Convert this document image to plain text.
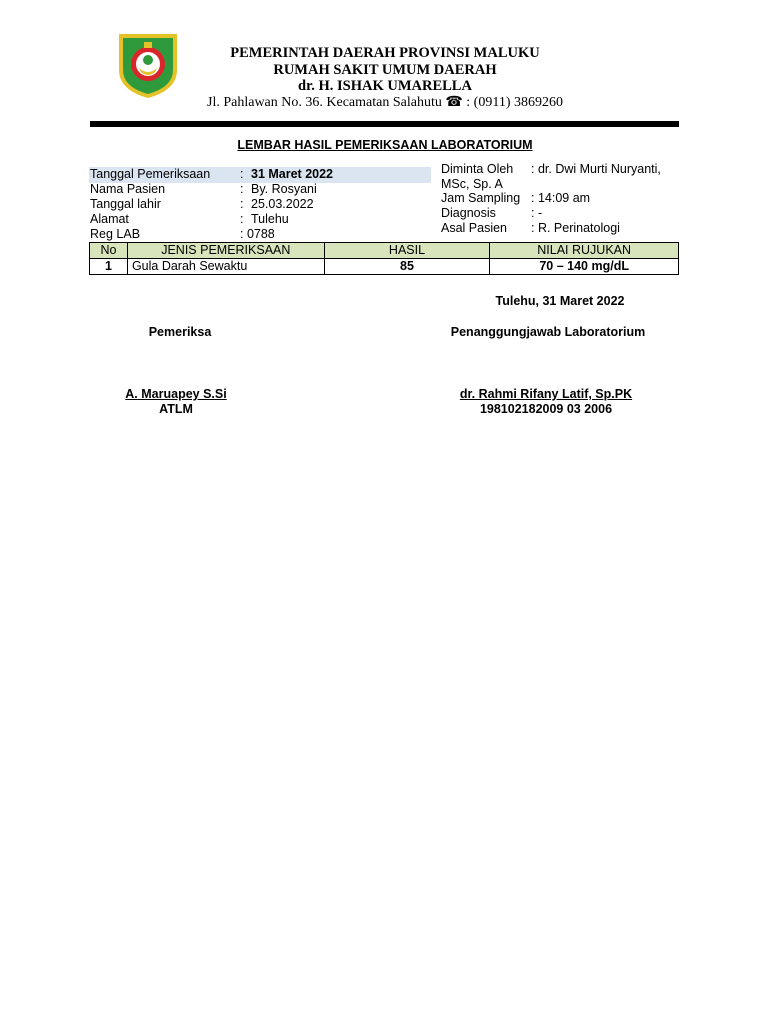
PEMERINTAH DAERAH PROVINSI MALUKU
RUMAH SAKIT UMUM DAERAH
dr. H. ISHAK UMARELLA
Jl. Pahlawan No. 36. Kecamatan Salahutu ☎ : (0911) 3869260
LEMBAR HASIL PEMERIKSAAN LABORATORIUM
Tanggal Pemeriksaan : 31 Maret 2022
Nama Pasien	: By. Rosyani
Tanggal lahir	: 25.03.2022
Alamat	: Tulehu
Reg LAB	: 0788
Diminta Oleh : dr. Dwi Murti Nuryanti,
MSc, Sp. A
Jam Sampling : 14:09 am
Diagnosis	: -
Asal Pasien : R. Perinatologi
No	JENIS PEMERIKSAAN	HASIL	NILAI RUJUKAN
1	Gula Darah Sewaktu	85	70 – 140 mg/dL
Tulehu, 31 Maret 2022
Pemeriksa	Penanggungjawab Laboratorium
A. Maruapey S.Si
ATLM
dr. Rahmi Rifany Latif, Sp.PK
198102182009 03 2006
